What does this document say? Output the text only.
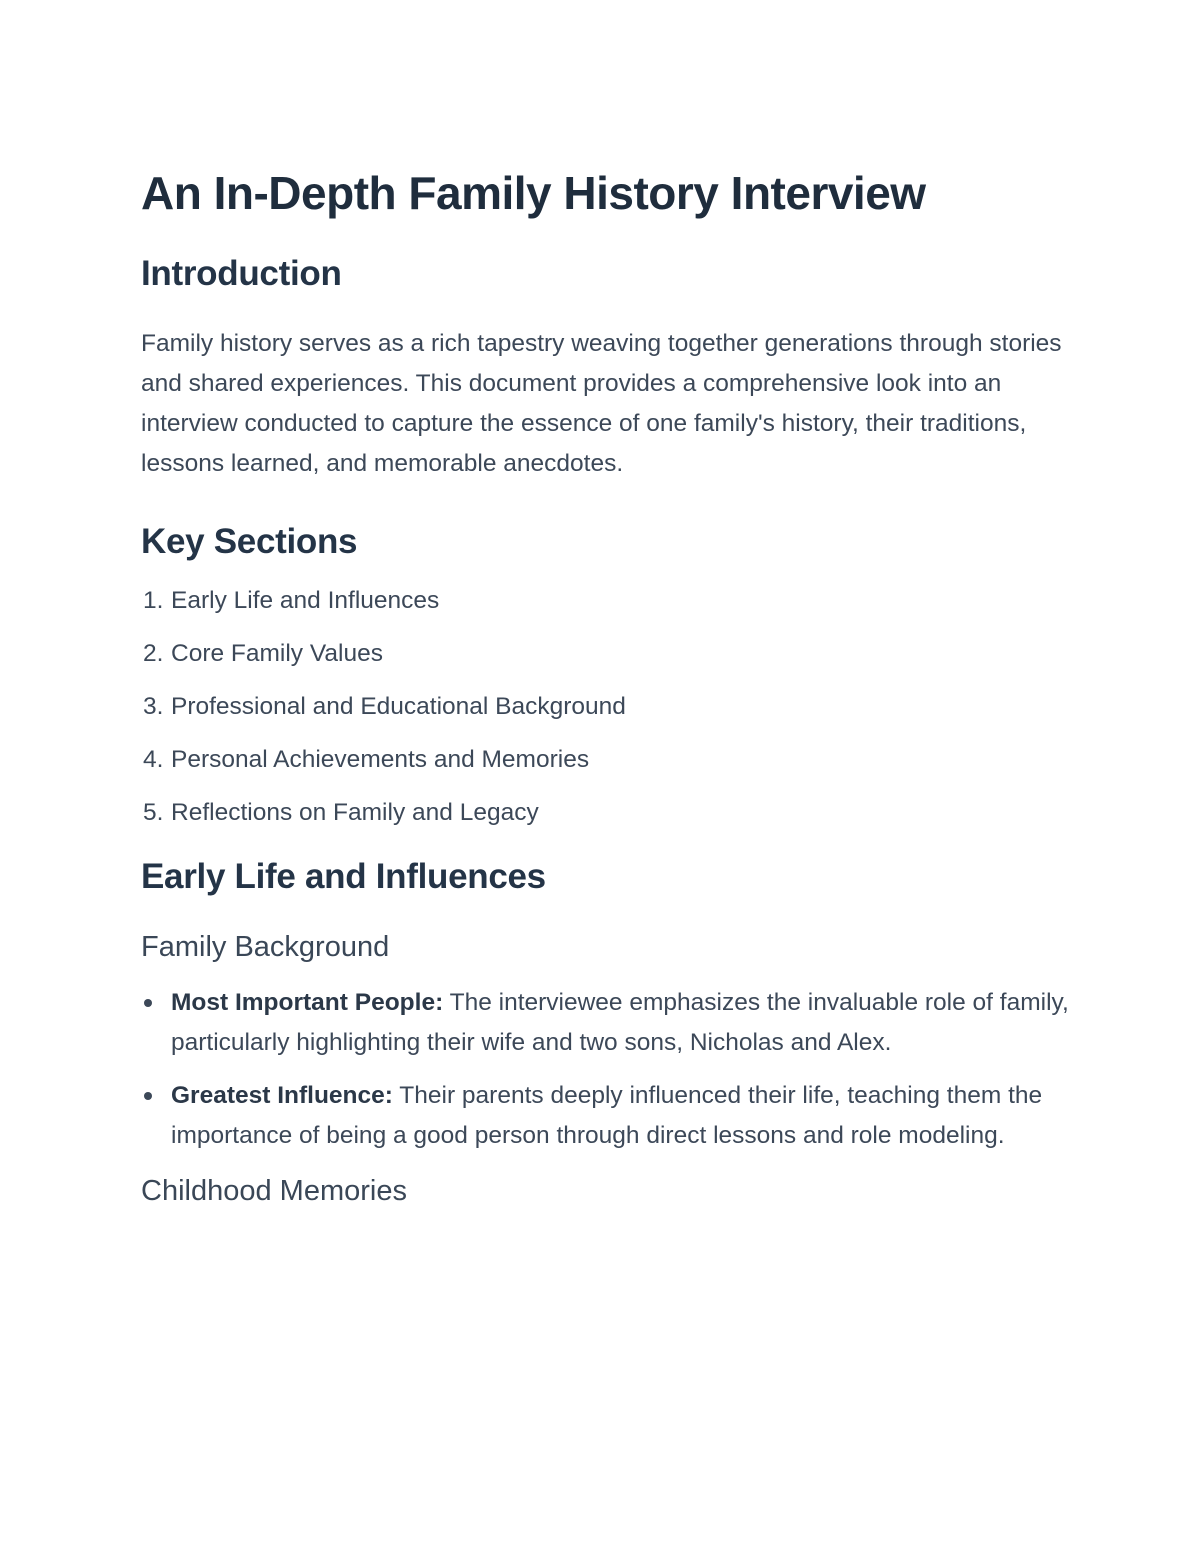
An In-Depth Family History Interview
Introduction

Family history serves as a rich tapestry weaving together generations through stories and shared experiences. This document provides a comprehensive look into an interview conducted to capture the essence of one family's history, their traditions, lessons learned, and memorable anecdotes.

Key Sections
1. Early Life and Influences
2. Core Family Values
3. Professional and Educational Background
4. Personal Achievements and Memories
5. Reflections on Family and Legacy
Early Life and Influences
Family Background
Most Important People: The interviewee emphasizes the invaluable role of family, particularly highlighting their wife and two sons, Nicholas and Alex.
Greatest Influence: Their parents deeply influenced their life, teaching them the importance of being a good person through direct lessons and role modeling.
Childhood Memories
